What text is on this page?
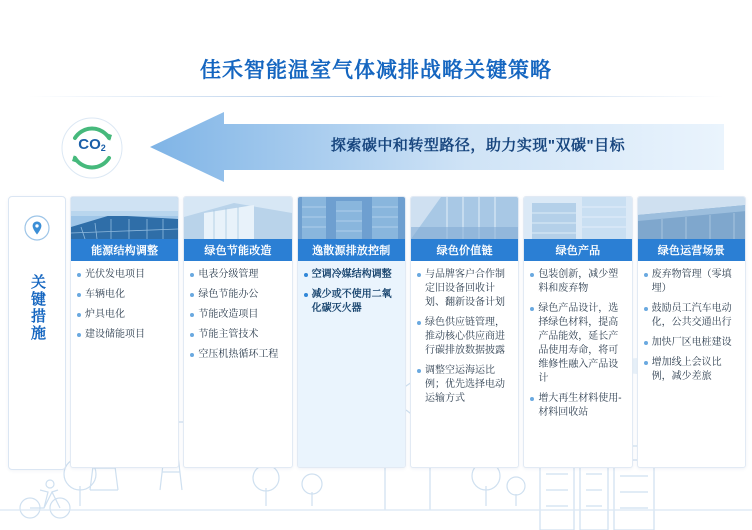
佳禾智能温室气体减排战略关键策略
CO2	探索碳中和转型路径，助力实现"双碳"目标
关键措施
能源结构调整
光伏发电项目
车辆电化
炉具电化
建设储能项目
绿色节能改造
电表分级管理
绿色节能办公
节能改造项目
节能主管技术
空压机热循环工程
逸散源排放控制
空调冷媒结构调整
减少或不使用二氧化碳灭火器
绿色价值链
与品牌客户合作制定旧设备回收计划、翻新设备计划
绿色供应链管理，推动核心供应商进行碳排放数据披露
调整空运海运比例；优先选择电动运输方式
绿色产品
包装创新，减少塑料和废弃物
绿色产品设计，选择绿色材料，提高产品能效，延长产品使用寿命，将可维修性融入产品设计
增大再生材料使用-材料回收站
绿色运营场景
废弃物管理（零填埋）
鼓励员工汽车电动化，公共交通出行
加快厂区电桩建设
增加线上会议比例，减少差旅
